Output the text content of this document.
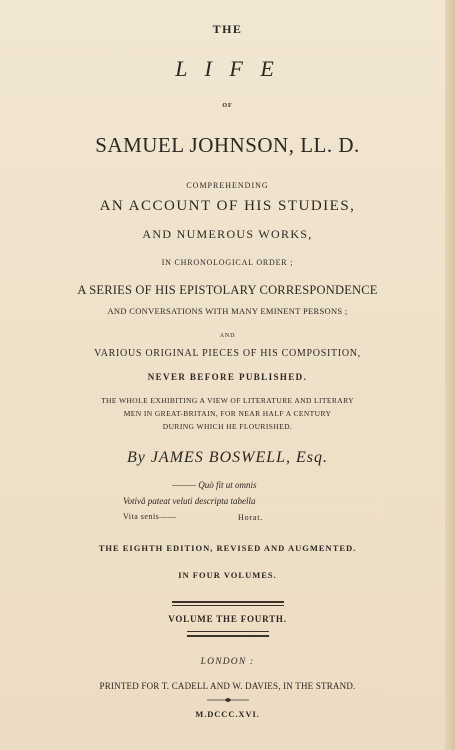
THE
L I F E
OF
SAMUEL JOHNSON, LL. D.
COMPREHENDING
AN ACCOUNT OF HIS STUDIES,
AND NUMEROUS WORKS,
IN CHRONOLOGICAL ORDER ;
A SERIES OF HIS EPISTOLARY CORRESPONDENCE
AND CONVERSATIONS WITH MANY EMINENT PERSONS ;
AND
VARIOUS ORIGINAL PIECES OF HIS COMPOSITION,
NEVER BEFORE PUBLISHED.
THE WHOLE EXHIBITING A VIEW OF LITERATURE AND LITERARY
MEN IN GREAT-BRITAIN, FOR NEAR HALF A CENTURY
DURING WHICH HE FLOURISHED.
By JAMES BOSWELL, Esq.
——— Quò fit ut omnis
Votivâ pateat veluti descripta tabella
Vita senis——	Horat.
THE EIGHTH EDITION, REVISED AND AUGMENTED.
IN FOUR VOLUMES.
VOLUME THE FOURTH.
LONDON :
PRINTED FOR T. CADELL AND W. DAVIES, IN THE STRAND.
M.DCCC.XVI.
